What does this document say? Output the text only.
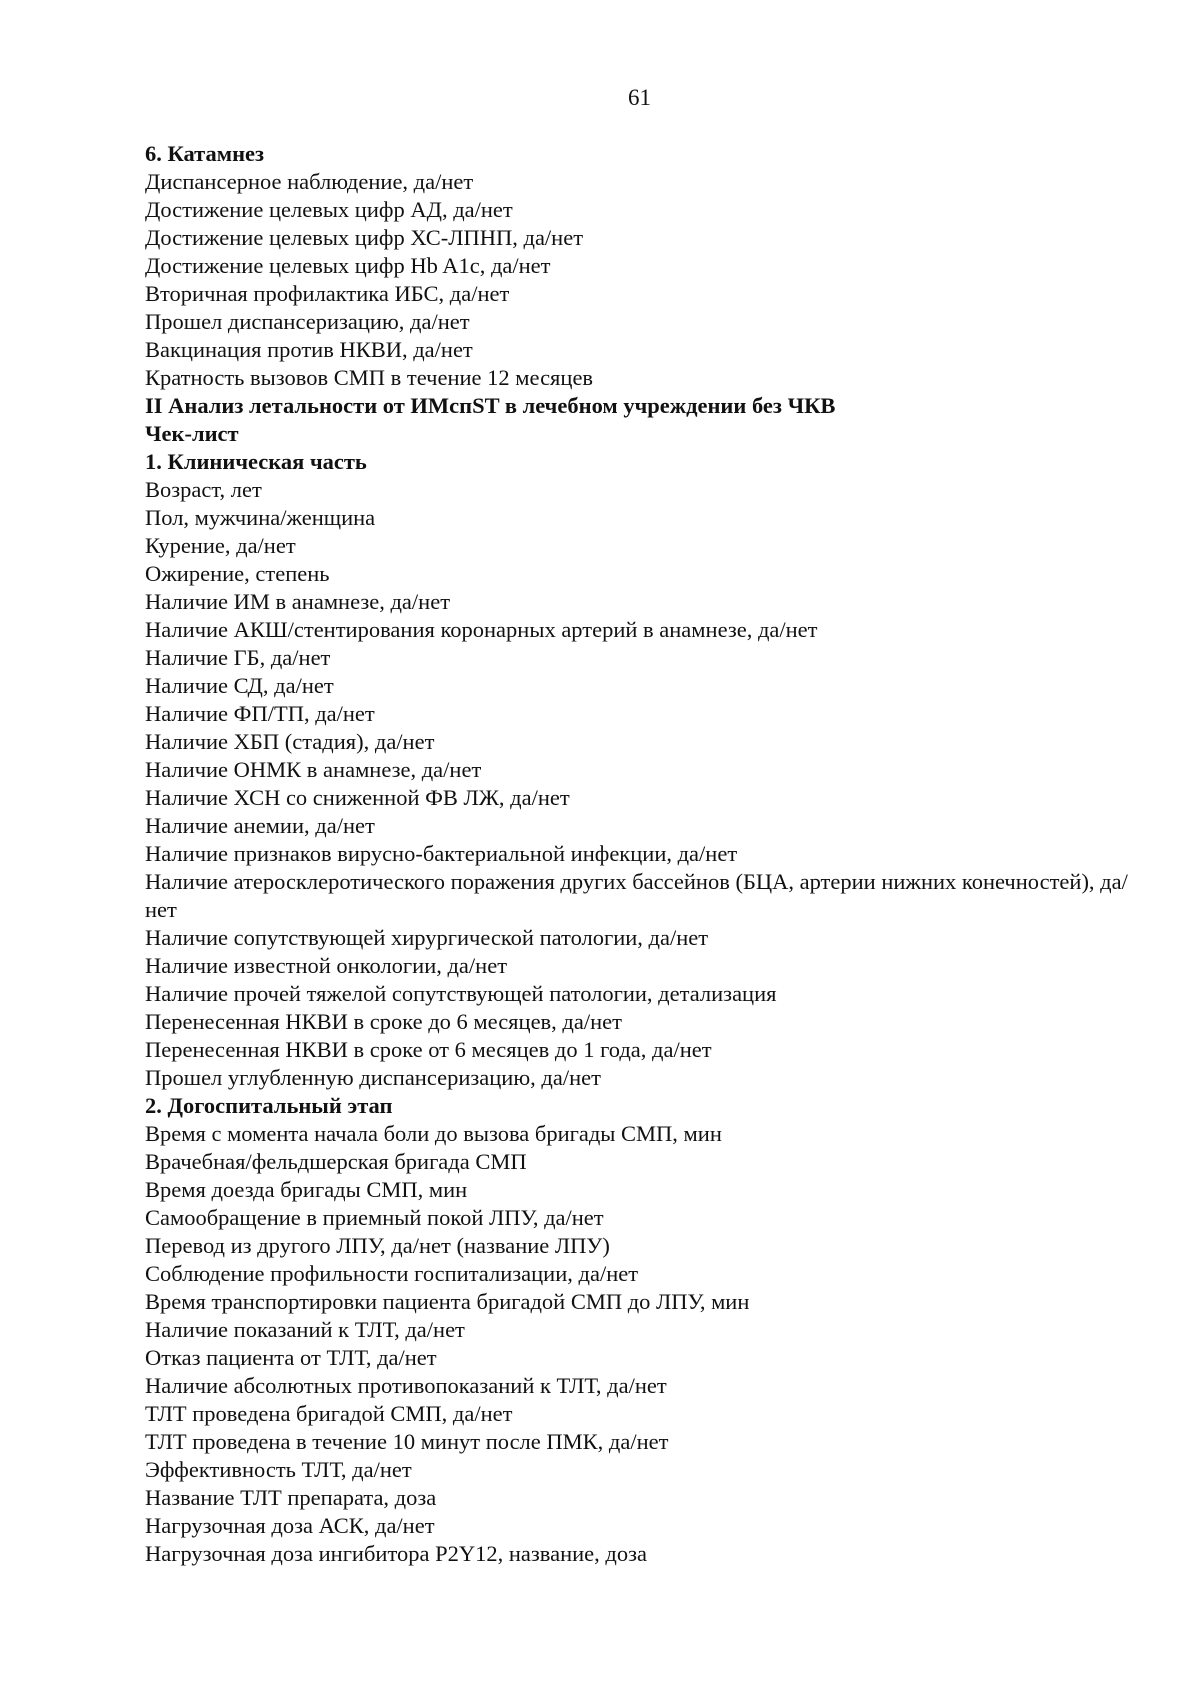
61
6. Катамнез
Диспансерное наблюдение, да/нет
Достижение целевых цифр АД, да/нет
Достижение целевых цифр ХС-ЛПНП, да/нет
Достижение целевых цифр Hb A1c, да/нет
Вторичная профилактика ИБС, да/нет
Прошел диспансеризацию, да/нет
Вакцинация против НКВИ, да/нет
Кратность вызовов СМП в течение 12 месяцев
II Анализ летальности от ИМспST в лечебном учреждении без ЧКВ
Чек-лист
1. Клиническая часть
Возраст, лет
Пол, мужчина/женщина
Курение, да/нет
Ожирение, степень
Наличие ИМ в анамнезе, да/нет
Наличие АКШ/стентирования коронарных артерий в анамнезе, да/нет
Наличие ГБ, да/нет
Наличие СД, да/нет
Наличие ФП/ТП, да/нет
Наличие ХБП (стадия), да/нет
Наличие ОНМК в анамнезе, да/нет
Наличие ХСН со сниженной ФВ ЛЖ, да/нет
Наличие анемии, да/нет
Наличие признаков вирусно-бактериальной инфекции, да/нет
Наличие атеросклеротического поражения других бассейнов (БЦА, артерии нижних конечностей), да/нет
Наличие сопутствующей хирургической патологии, да/нет
Наличие известной онкологии, да/нет
Наличие прочей тяжелой сопутствующей патологии, детализация
Перенесенная НКВИ в сроке до 6 месяцев, да/нет
Перенесенная НКВИ в сроке от 6 месяцев до 1 года, да/нет
Прошел углубленную диспансеризацию, да/нет
2. Догоспитальный этап
Время с момента начала боли до вызова бригады СМП, мин
Врачебная/фельдшерская бригада СМП
Время доезда бригады СМП, мин
Самообращение в приемный покой ЛПУ, да/нет
Перевод из другого ЛПУ, да/нет (название ЛПУ)
Соблюдение профильности госпитализации, да/нет
Время транспортировки пациента бригадой СМП до ЛПУ, мин
Наличие показаний к ТЛТ, да/нет
Отказ пациента от ТЛТ, да/нет
Наличие абсолютных противопоказаний к ТЛТ, да/нет
ТЛТ проведена бригадой СМП, да/нет
ТЛТ проведена в течение 10 минут после ПМК, да/нет
Эффективность ТЛТ, да/нет
Название ТЛТ препарата, доза
Нагрузочная доза АСК, да/нет
Нагрузочная доза ингибитора P2Y12, название, доза
